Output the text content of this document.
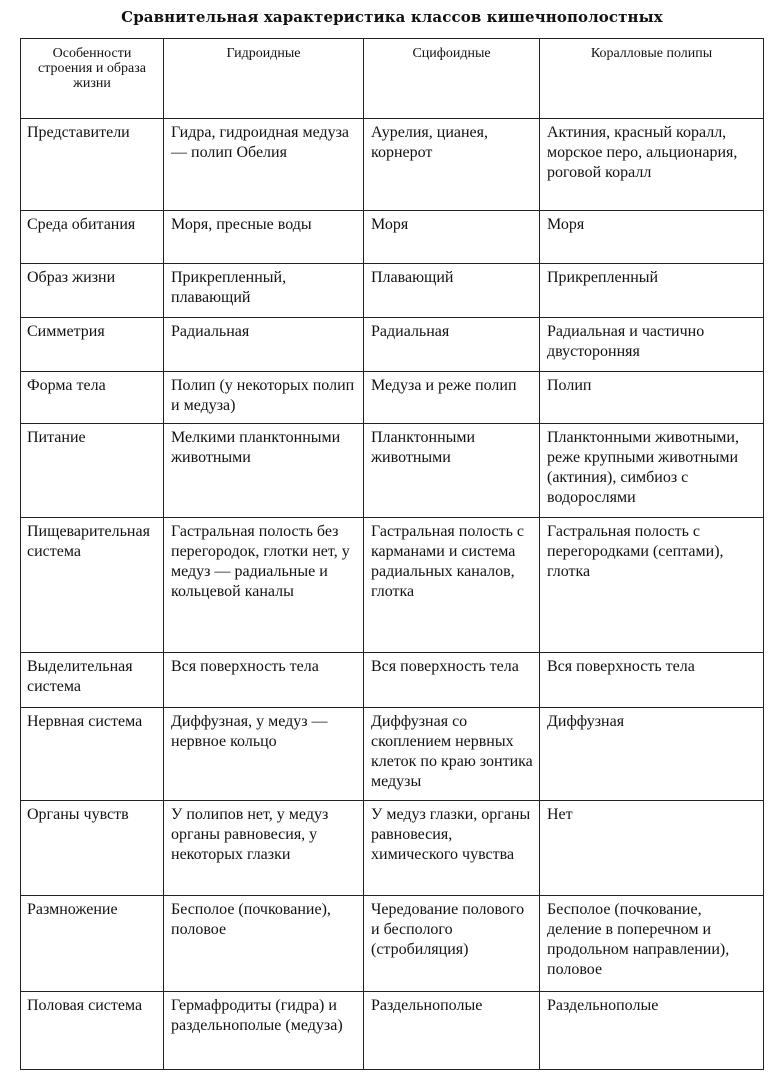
Сравнительная характеристика классов кишечнополостных
Особенности строения и образа жизни	Гидроидные	Сцифоидные	Коралловые полипы
Представители	Гидра, гидроидная медуза — полип Обелия	Аурелия, цианея, корнерот	Актиния, красный коралл, морское перо, альционария, роговой коралл
Среда обитания	Моря, пресные воды	Моря	Моря
Образ жизни	Прикрепленный, плавающий	Плавающий	Прикрепленный
Симметрия	Радиальная	Радиальная	Радиальная и частично двусторонняя
Форма тела	Полип (у некоторых полип и медуза)	Медуза и реже полип	Полип
Питание	Мелкими планктонными животными	Планктонными животными	Планктонными животными, реже крупными животными (актиния), симбиоз с водорослями
Пищеварительная система	Гастральная полость без перегородок, глотки нет, у медуз — радиальные и кольцевой каналы	Гастральная полость с карманами и система радиальных каналов, глотка	Гастральная полость с перегородками (септами), глотка
Выделительная система	Вся поверхность тела	Вся поверхность тела	Вся поверхность тела
Нервная система	Диффузная, у медуз — нервное кольцо	Диффузная со скоплением нервных клеток по краю зонтика медузы	Диффузная
Органы чувств	У полипов нет, у медуз органы равновесия, у некоторых глазки	У медуз глазки, органы равновесия, химического чувства	Нет
Размножение	Бесполое (почкование), половое	Чередование полового и бесполого (стробиляция)	Бесполое (почкование, деление в поперечном и продольном направлении), половое
Половая система	Гермафродиты (гидра) и раздельнополые (медуза)	Раздельнополые	Раздельнополые
